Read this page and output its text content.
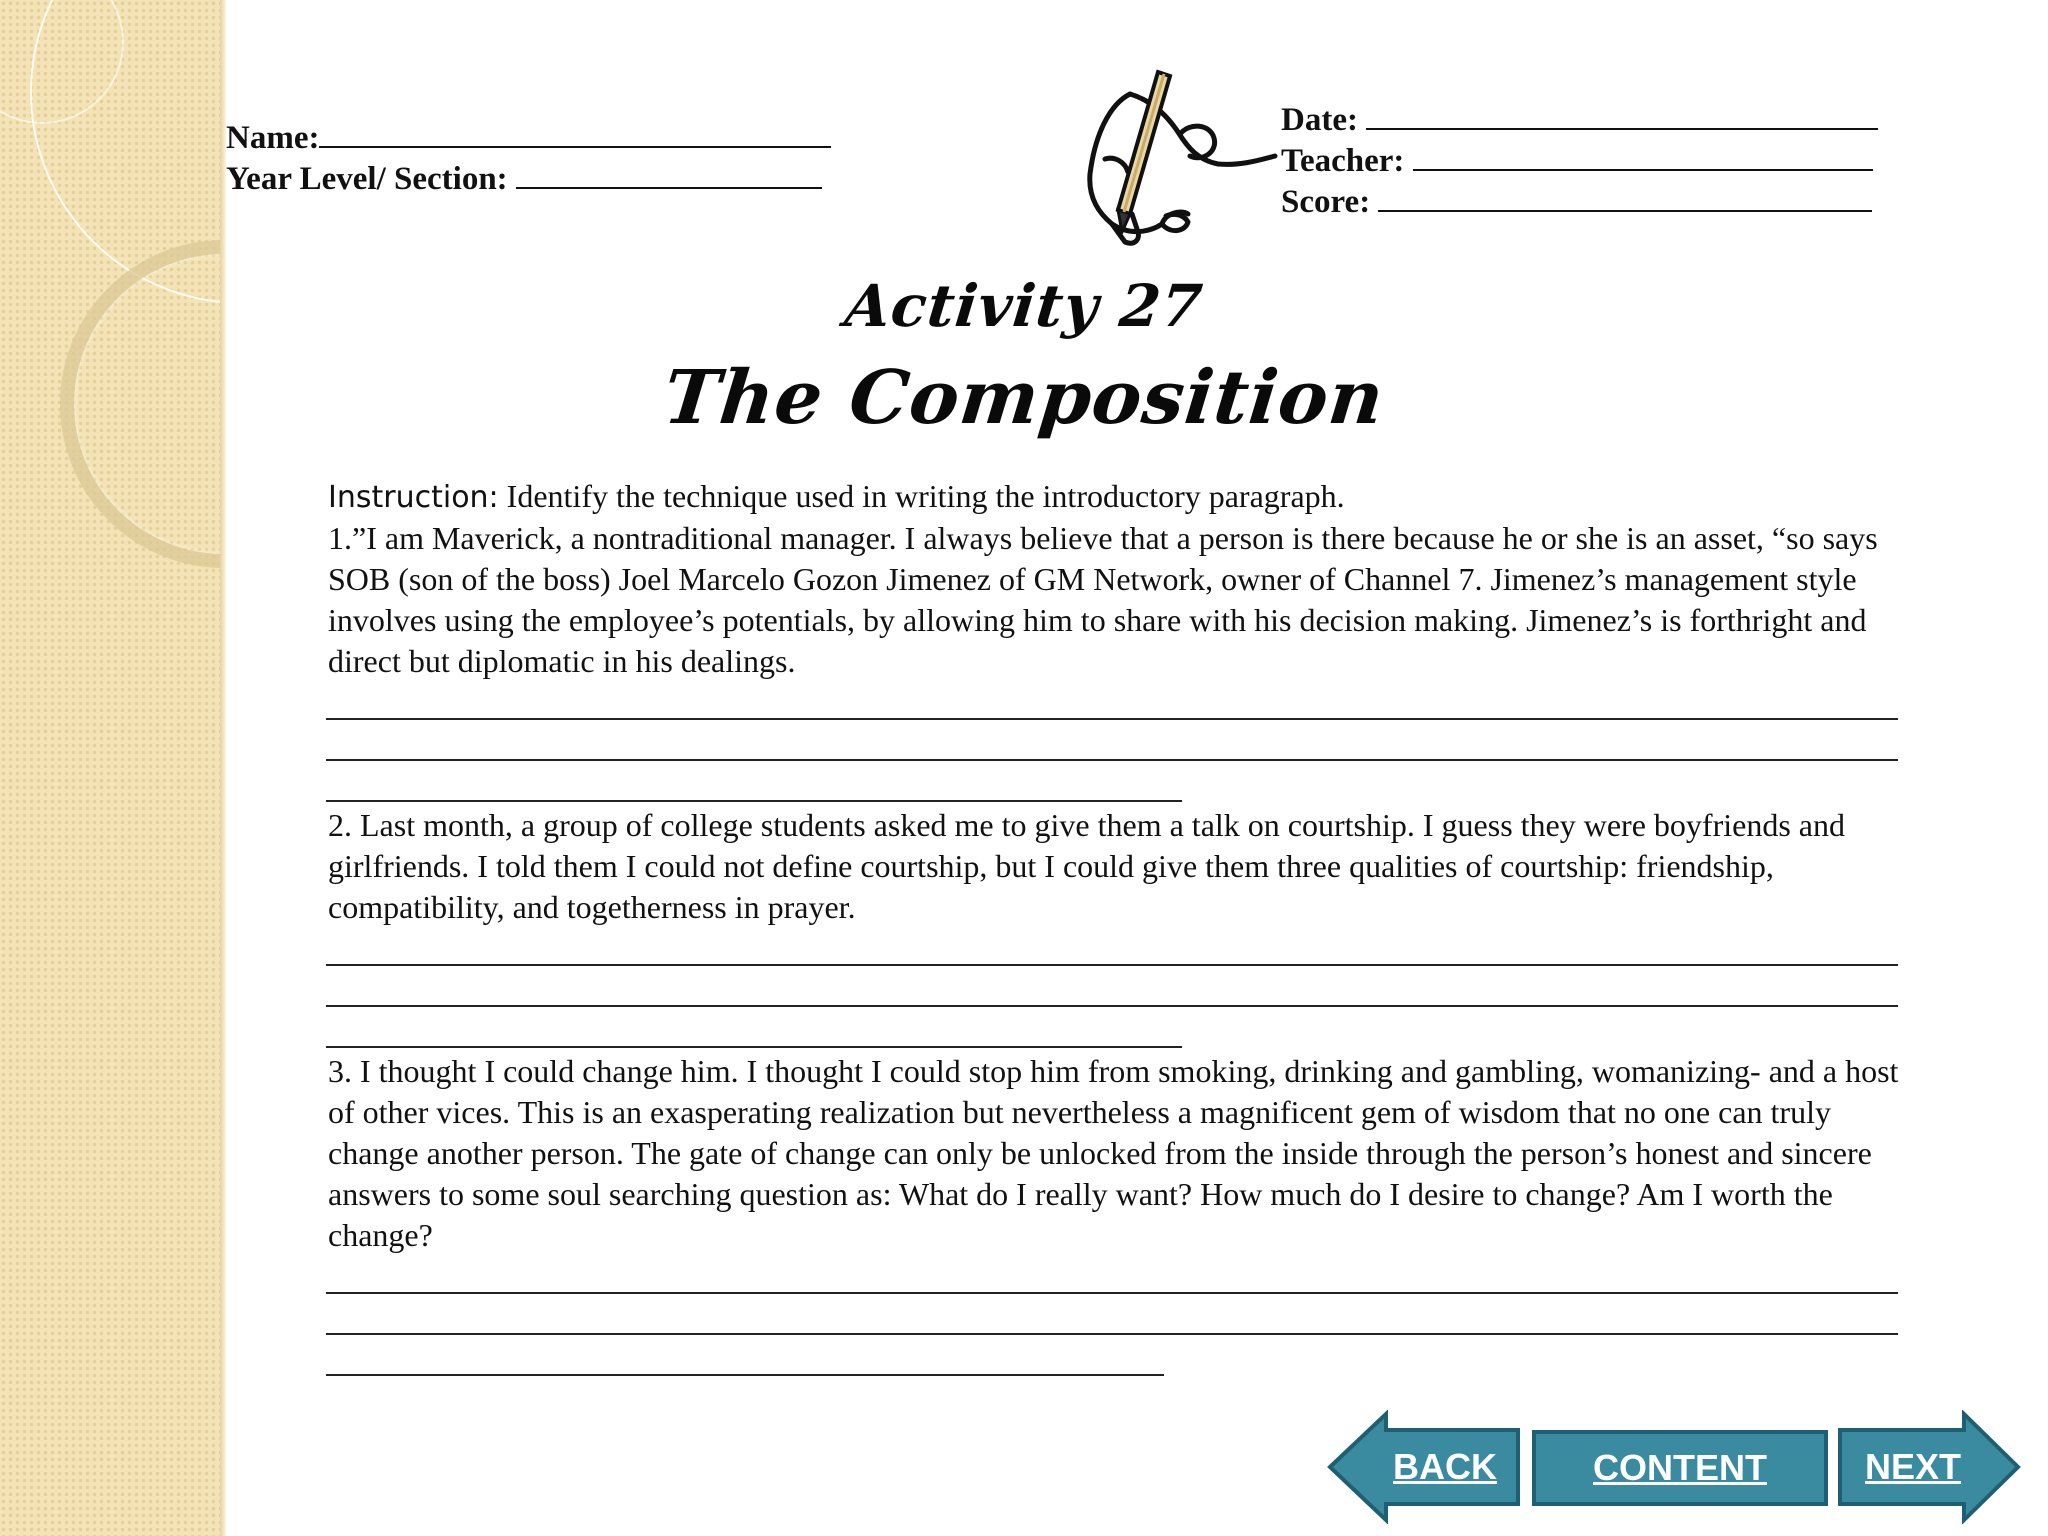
Name:
Year Level/ Section:
Date:
Teacher:
Score:
Activity 27
The Composition
Instruction: Identify the technique used in writing the introductory paragraph.
1.”I am Maverick, a nontraditional manager. I always believe that a person is there because he or she is an asset, “so says SOB (son of the boss) Joel Marcelo Gozon Jimenez of GM Network, owner of Channel 7. Jimenez’s management style involves using the employee’s potentials, by allowing him to share with his decision making. Jimenez’s is forthright and direct but diplomatic in his dealings.
2. Last month, a group of college students asked me to give them a talk on courtship. I guess they were boyfriends and girlfriends. I told them I could not define courtship, but I could give them three qualities of courtship: friendship, compatibility, and togetherness in prayer.
3. I thought I could change him. I thought I could stop him from smoking, drinking and gambling, womanizing- and a host of other vices. This is an exasperating realization but nevertheless a magnificent gem of wisdom that no one can truly change another person. The gate of change can only be unlocked from the inside through the person’s honest and sincere answers to some soul searching question as: What do I really want? How much do I desire to change? Am I worth the change?
BACK	CONTENT	NEXT
